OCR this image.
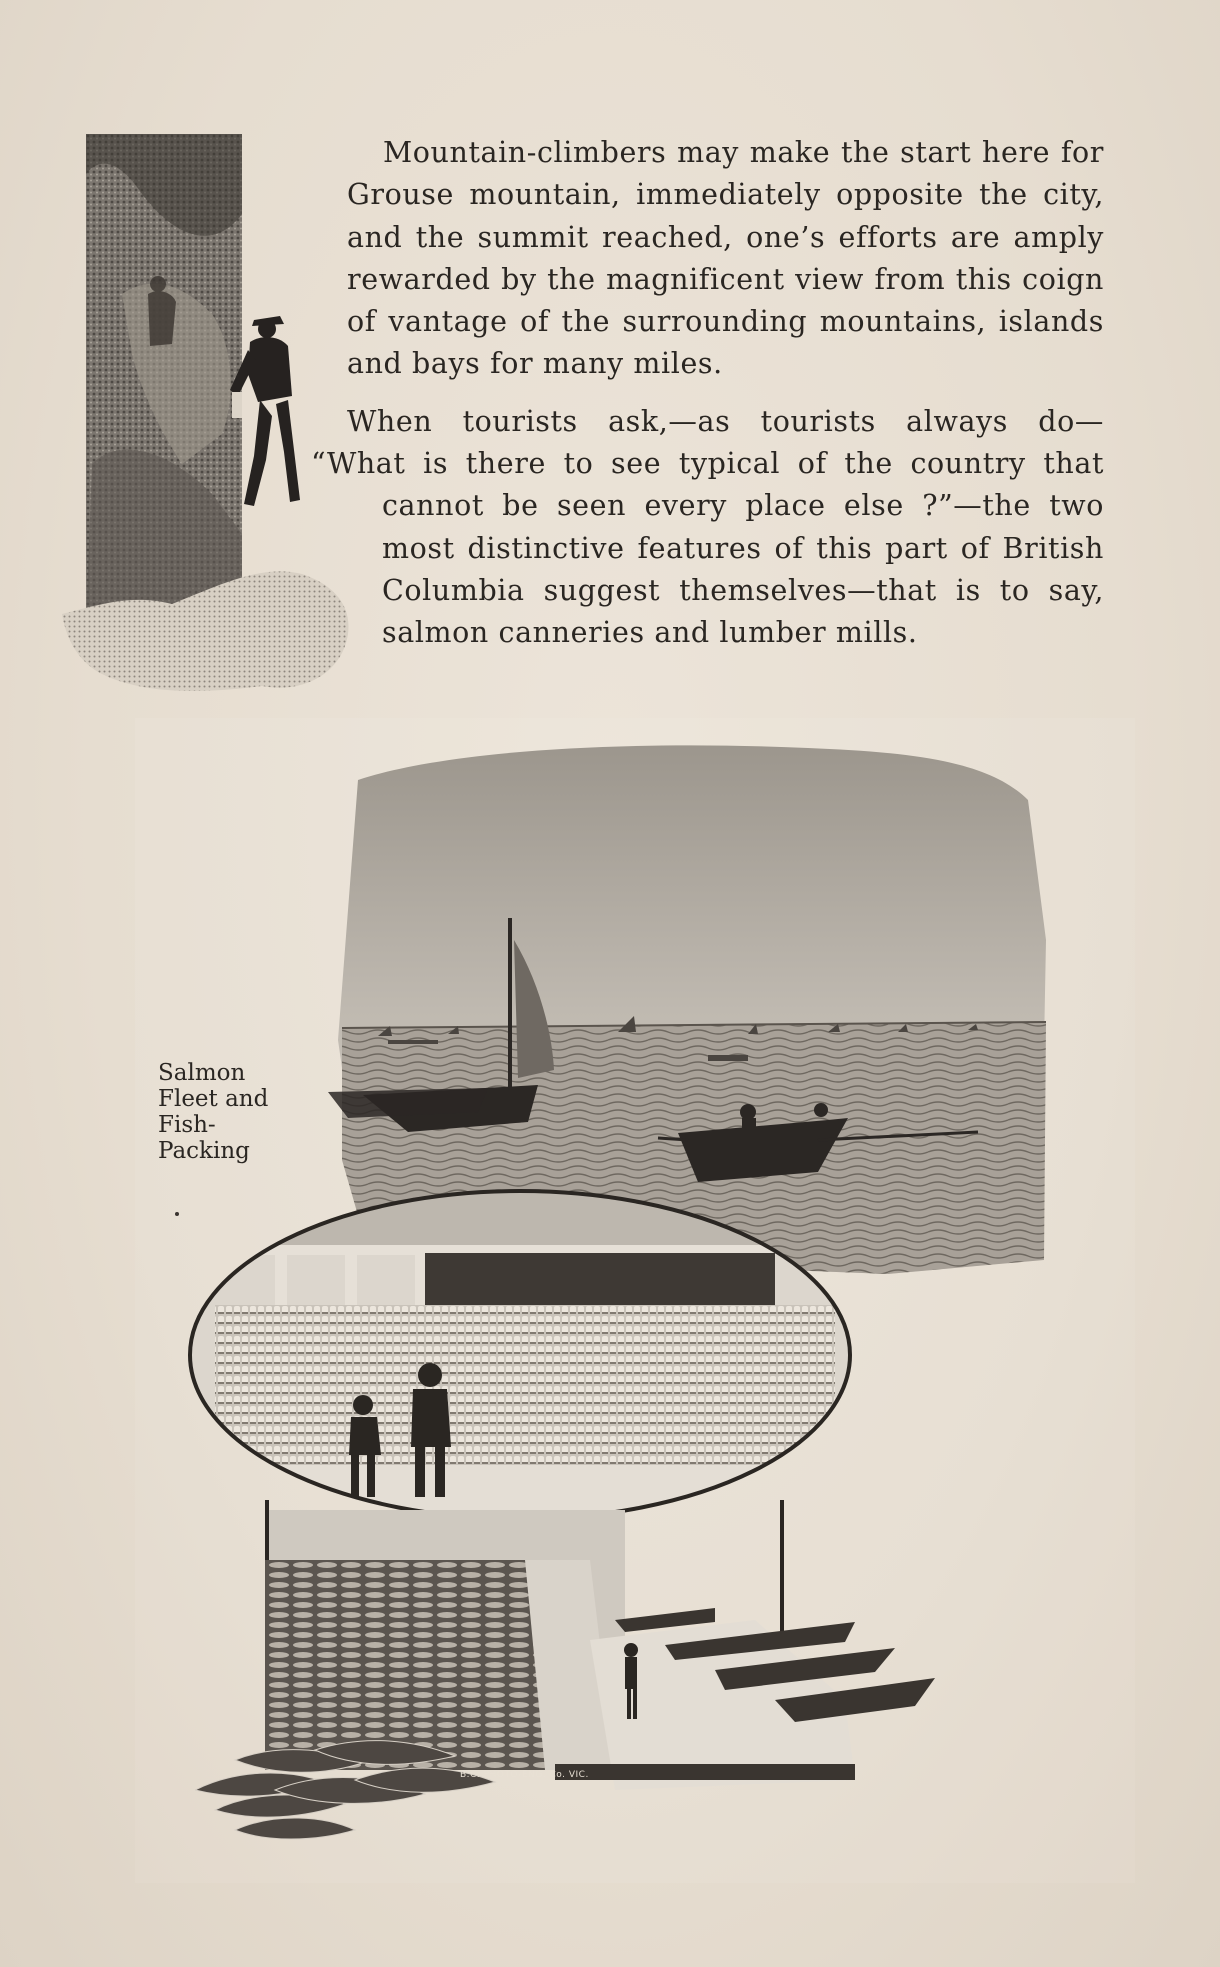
Mountain-climbers may make the start here for
Grouse mountain, immediately opposite the city,
and the summit reached, one’s efforts are amply
rewarded by the magnificent view from this coign
of vantage of the surrounding mountains, islands
and bays for many miles.
When tourists ask,—as tourists always do—
“What is there to see typical of the country that
cannot be seen every place else ?”—the two
most distinctive features of this part of British
Columbia suggest themselves—that is to say,
salmon canneries and lumber mills.
Salmon
Fleet and
Fish-
Packing
B.C. PHOTO-ENG. Co. VIC.
